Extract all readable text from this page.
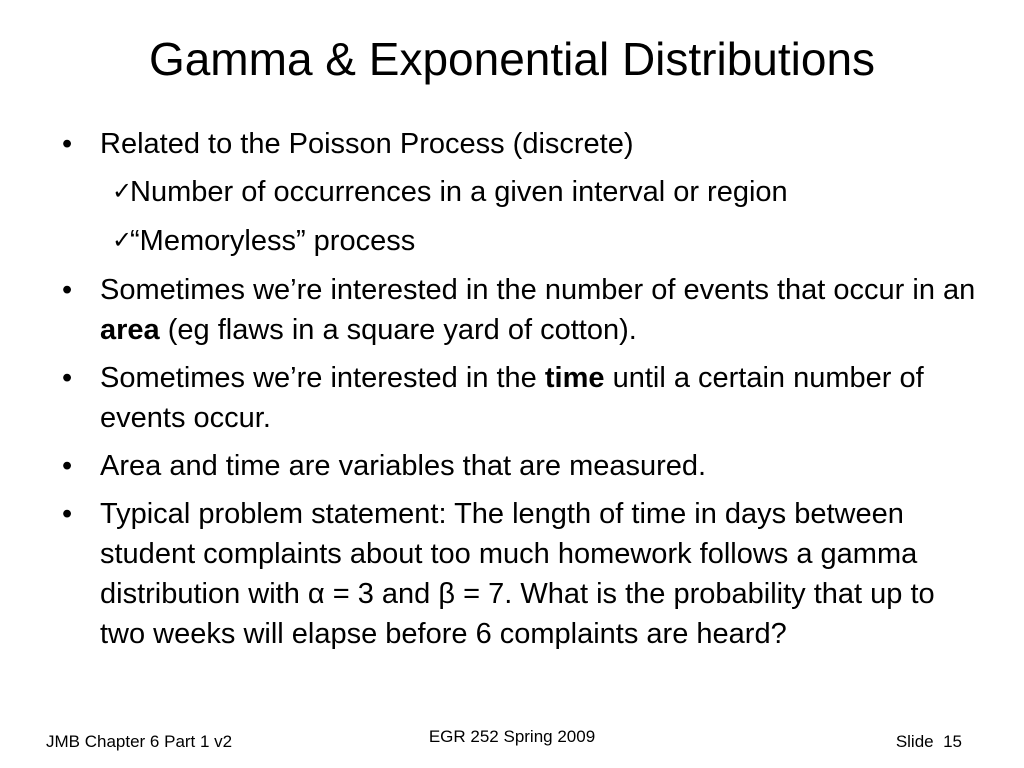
Gamma & Exponential Distributions
• Related to the Poisson Process (discrete)
✓
Number of occurrences in a given interval or region
✓
“Memoryless” process
• Sometimes we’re interested in the number of events that occur in an area (eg flaws in a square yard of cotton).
• Sometimes we’re interested in the time until a certain number of events occur.
• Area and time are variables that are measured.
• Typical problem statement: The length of time in days between student complaints about too much homework follows a gamma distribution with α = 3 and β = 7. What is the probability that up to two weeks will elapse before 6 complaints are heard?
JMB Chapter 6 Part 1 v2	EGR 252 Spring 2009	Slide 15
